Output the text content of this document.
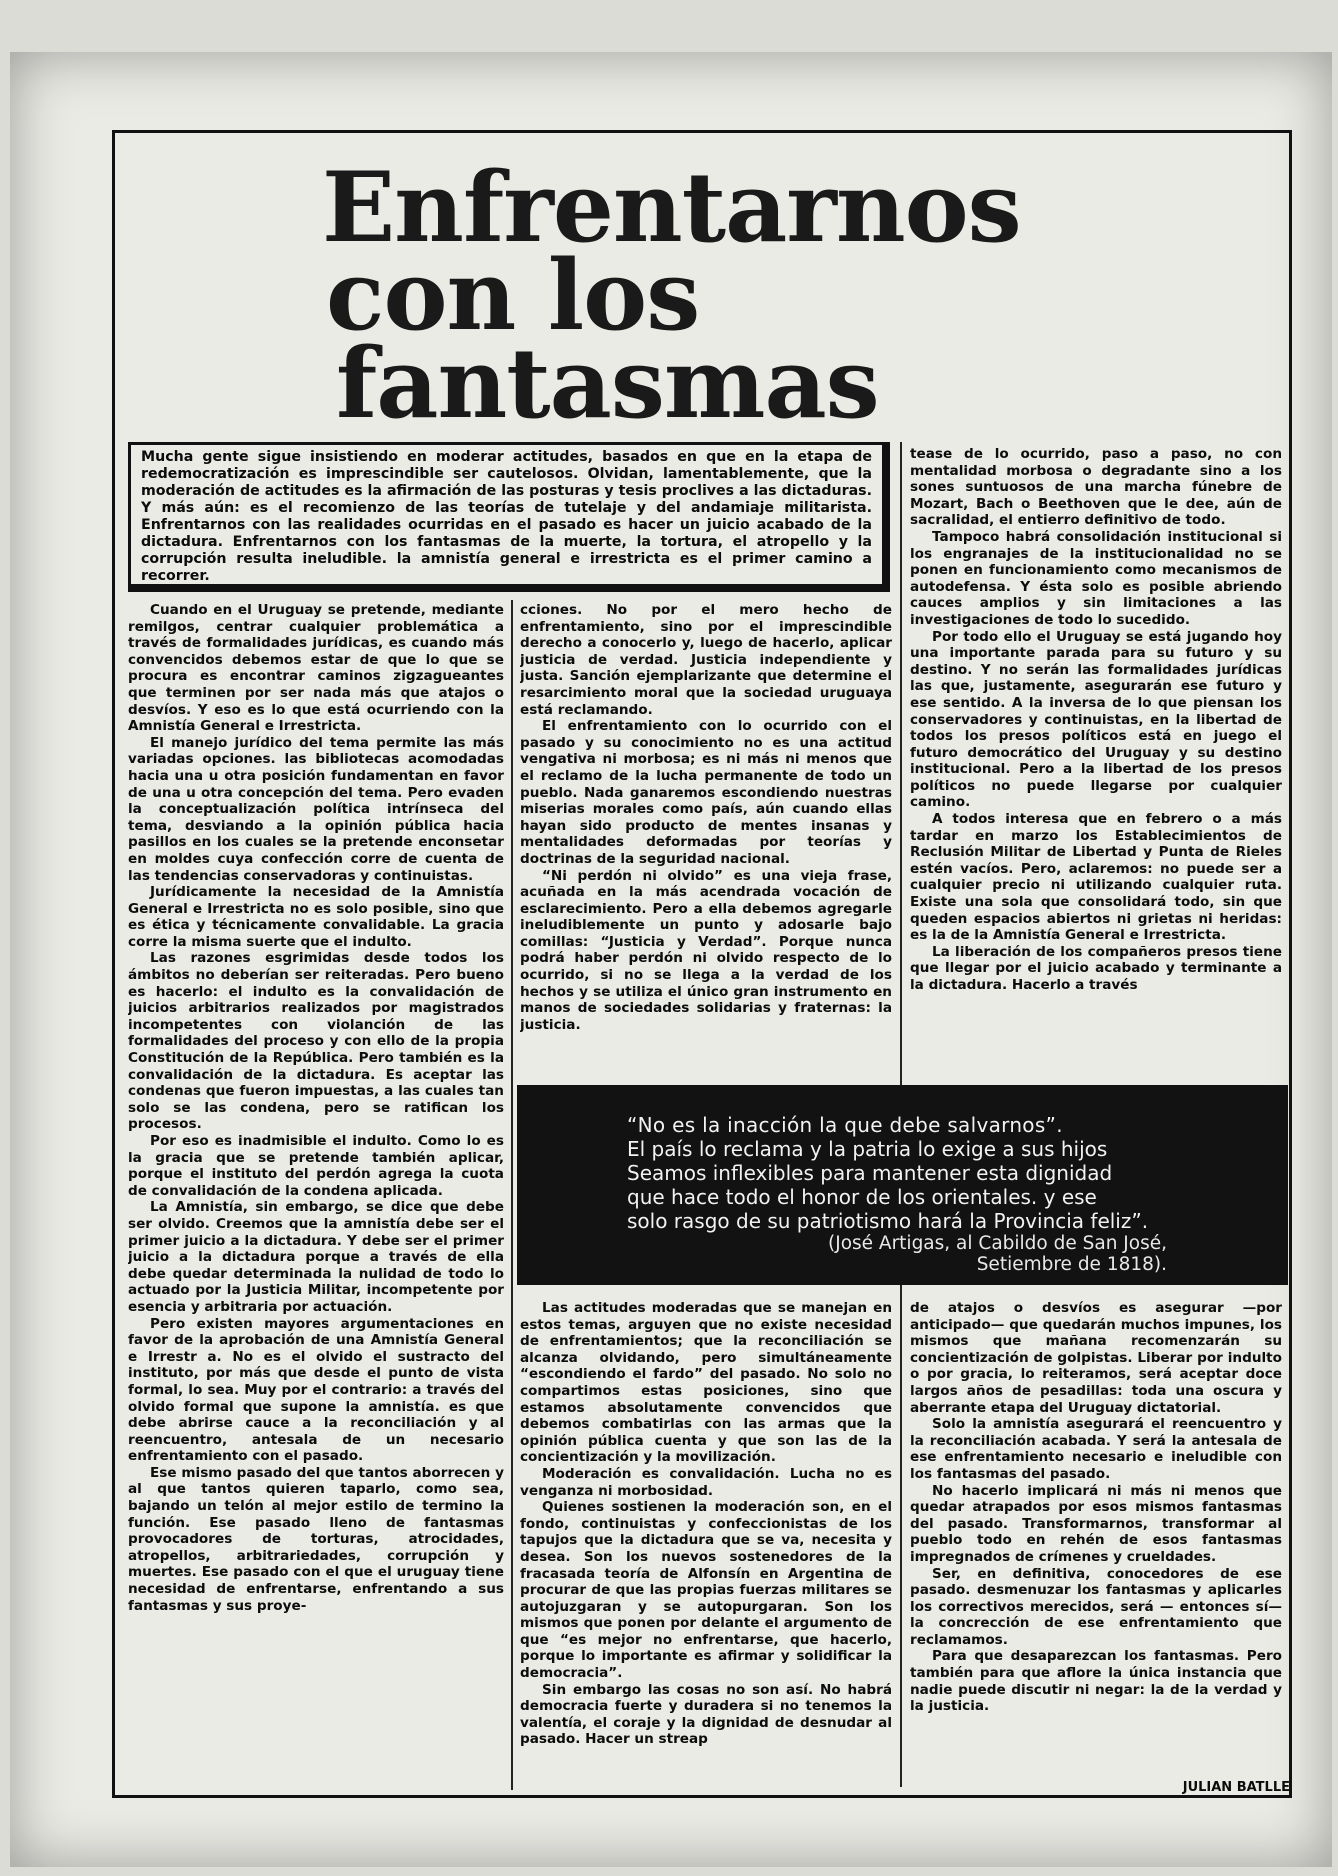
Enfrentarnos
con los
fantasmas
Mucha gente sigue insistiendo en moderar actitudes, basados en que en la etapa de redemocratización es imprescindible ser cautelosos. Olvidan, lamentablemente, que la moderación de actitudes es la afirmación de las posturas y tesis proclives a las dictaduras. Y más aún: es el recomienzo de las teorías de tutelaje y del andamiaje militarista. Enfrentarnos con las realidades ocurridas en el pasado es hacer un juicio acabado de la dictadura. Enfrentarnos con los fantasmas de la muerte, la tortura, el atropello y la corrupción resulta ineludible. la amnistía general e irrestricta es el primer camino a recorrer.

Cuando en el Uruguay se pretende, mediante remilgos, centrar cualquier problemática a través de formalidades jurídicas, es cuando más convencidos debemos estar de que lo que se procura es encontrar caminos zigzagueantes que terminen por ser nada más que atajos o desvíos. Y eso es lo que está ocurriendo con la Amnistía General e Irrestricta.

El manejo jurídico del tema permite las más variadas opciones. las bibliotecas acomodadas hacia una u otra posición fundamentan en favor de una u otra concepción del tema. Pero evaden la conceptualización política intrínseca del tema, desviando a la opinión pública hacia pasillos en los cuales se la pretende enconsetar en moldes cuya confección corre de cuenta de las tendencias conservadoras y continuistas.

Jurídicamente la necesidad de la Amnistía General e Irrestricta no es solo posible, sino que es ética y técnicamente convalidable. La gracia corre la misma suerte que el indulto.

Las razones esgrimidas desde todos los ámbitos no deberían ser reiteradas. Pero bueno es hacerlo: el indulto es la convalidación de juicios arbitrarios realizados por magistrados incompetentes con violanción de las formalidades del proceso y con ello de la propia Constitución de la República. Pero también es la convalidación de la dictadura. Es aceptar las condenas que fueron impuestas, a las cuales tan solo se las condena, pero se ratifican los procesos.

Por eso es inadmisible el indulto. Como lo es la gracia que se pretende también aplicar, porque el instituto del perdón agrega la cuota de convalidación de la condena aplicada.

La Amnistía, sin embargo, se dice que debe ser olvido. Creemos que la amnistía debe ser el primer juicio a la dictadura. Y debe ser el primer juicio a la dictadura porque a través de ella debe quedar determinada la nulidad de todo lo actuado por la Justicia Militar, incompetente por esencia y arbitraria por actuación.

Pero existen mayores argumentaciones en favor de la aprobación de una Amnistía General e Irrestr a. No es el olvido el sustracto del instituto, por más que desde el punto de vista formal, lo sea. Muy por el contrario: a través del olvido formal que supone la amnistía. es que debe abrirse cauce a la reconciliación y al reencuentro, antesala de un necesario enfrentamiento con el pasado.

Ese mismo pasado del que tantos aborrecen y al que tantos quieren taparlo, como sea, bajando un telón al mejor estilo de termino la función. Ese pasado lleno de fantasmas provocadores de torturas, atrocidades, atropellos, arbitrariedades, corrupción y muertes. Ese pasado con el que el uruguay tiene necesidad de enfrentarse, enfrentando a sus fantasmas y sus proye-

cciones. No por el mero hecho de enfrentamiento, sino por el imprescindible derecho a conocerlo y, luego de hacerlo, aplicar justicia de verdad. Justicia independiente y justa. Sanción ejemplarizante que determine el resarcimiento moral que la sociedad uruguaya está reclamando.

El enfrentamiento con lo ocurrido con el pasado y su conocimiento no es una actitud vengativa ni morbosa; es ni más ni menos que el reclamo de la lucha permanente de todo un pueblo. Nada ganaremos escondiendo nuestras miserias morales como país, aún cuando ellas hayan sido producto de mentes insanas y mentalidades deformadas por teorías y doctrinas de la seguridad nacional.

“Ni perdón ni olvido” es una vieja frase, acuñada en la más acendrada vocación de esclarecimiento. Pero a ella debemos agregarle ineludiblemente un punto y adosarle bajo comillas: “Justicia y Verdad”. Porque nunca podrá haber perdón ni olvido respecto de lo ocurrido, si no se llega a la verdad de los hechos y se utiliza el único gran instrumento en manos de sociedades solidarias y fraternas: la justicia.

tease de lo ocurrido, paso a paso, no con mentalidad morbosa o degradante sino a los sones suntuosos de una marcha fúnebre de Mozart, Bach o Beethoven que le dee, aún de sacralidad, el entierro definitivo de todo.

Tampoco habrá consolidación institucional si los engranajes de la institucionalidad no se ponen en funcionamiento como mecanismos de autodefensa. Y ésta solo es posible abriendo cauces amplios y sin limitaciones a las investigaciones de todo lo sucedido.

Por todo ello el Uruguay se está jugando hoy una importante parada para su futuro y su destino. Y no serán las formalidades jurídicas las que, justamente, asegurarán ese futuro y ese sentido. A la inversa de lo que piensan los conservadores y continuistas, en la libertad de todos los presos políticos está en juego el futuro democrático del Uruguay y su destino institucional. Pero a la libertad de los presos políticos no puede llegarse por cualquier camino.

A todos interesa que en febrero o a más tardar en marzo los Establecimientos de Reclusión Militar de Libertad y Punta de Rieles estén vacíos. Pero, aclaremos: no puede ser a cualquier precio ni utilizando cualquier ruta. Existe una sola que consolidará todo, sin que queden espacios abiertos ni grietas ni heridas: es la de la Amnistía General e Irrestricta.

La liberación de los compañeros presos tiene que llegar por el juicio acabado y terminante a la dictadura. Hacerlo a través

“No es la inacción la que debe salvarnos”.
El país lo reclama y la patria lo exige a sus hijos
Seamos inflexibles para mantener esta dignidad
que hace todo el honor de los orientales. y ese
solo rasgo de su patriotismo hará la Provincia feliz”.
(José Artigas, al Cabildo de San José,
Setiembre de 1818).

Las actitudes moderadas que se manejan en estos temas, arguyen que no existe necesidad de enfrentamientos; que la reconciliación se alcanza olvidando, pero simultáneamente “escondiendo el fardo” del pasado. No solo no compartimos estas posiciones, sino que estamos absolutamente convencidos que debemos combatirlas con las armas que la opinión pública cuenta y que son las de la concientización y la movilización.

Moderación es convalidación. Lucha no es venganza ni morbosidad.

Quienes sostienen la moderación son, en el fondo, continuistas y confeccionistas de los tapujos que la dictadura que se va, necesita y desea. Son los nuevos sostenedores de la fracasada teoría de Alfonsín en Argentina de procurar de que las propias fuerzas militares se autojuzgaran y se autopurgaran. Son los mismos que ponen por delante el argumento de que “es mejor no enfrentarse, que hacerlo, porque lo importante es afirmar y solidificar la democracia”.

Sin embargo las cosas no son así. No habrá democracia fuerte y duradera si no tenemos la valentía, el coraje y la dignidad de desnudar al pasado. Hacer un streap

de atajos o desvíos es asegurar —por anticipado— que quedarán muchos impunes, los mismos que mañana recomenzarán su concientización de golpistas. Liberar por indulto o por gracia, lo reiteramos, será aceptar doce largos años de pesadillas: toda una oscura y aberrante etapa del Uruguay dictatorial.

Solo la amnistía asegurará el reencuentro y la reconciliación acabada. Y será la antesala de ese enfrentamiento necesario e ineludible con los fantasmas del pasado.

No hacerlo implicará ni más ni menos que quedar atrapados por esos mismos fantasmas del pasado. Transformarnos, transformar al pueblo todo en rehén de esos fantasmas impregnados de crímenes y crueldades.

Ser, en definitiva, conocedores de ese pasado. desmenuzar los fantasmas y aplicarles los correctivos merecidos, será — entonces sí— la concrección de ese enfrentamiento que reclamamos.

Para que desaparezcan los fantasmas. Pero también para que aflore la única instancia que nadie puede discutir ni negar: la de la verdad y la justicia.

JULIAN BATLLE
